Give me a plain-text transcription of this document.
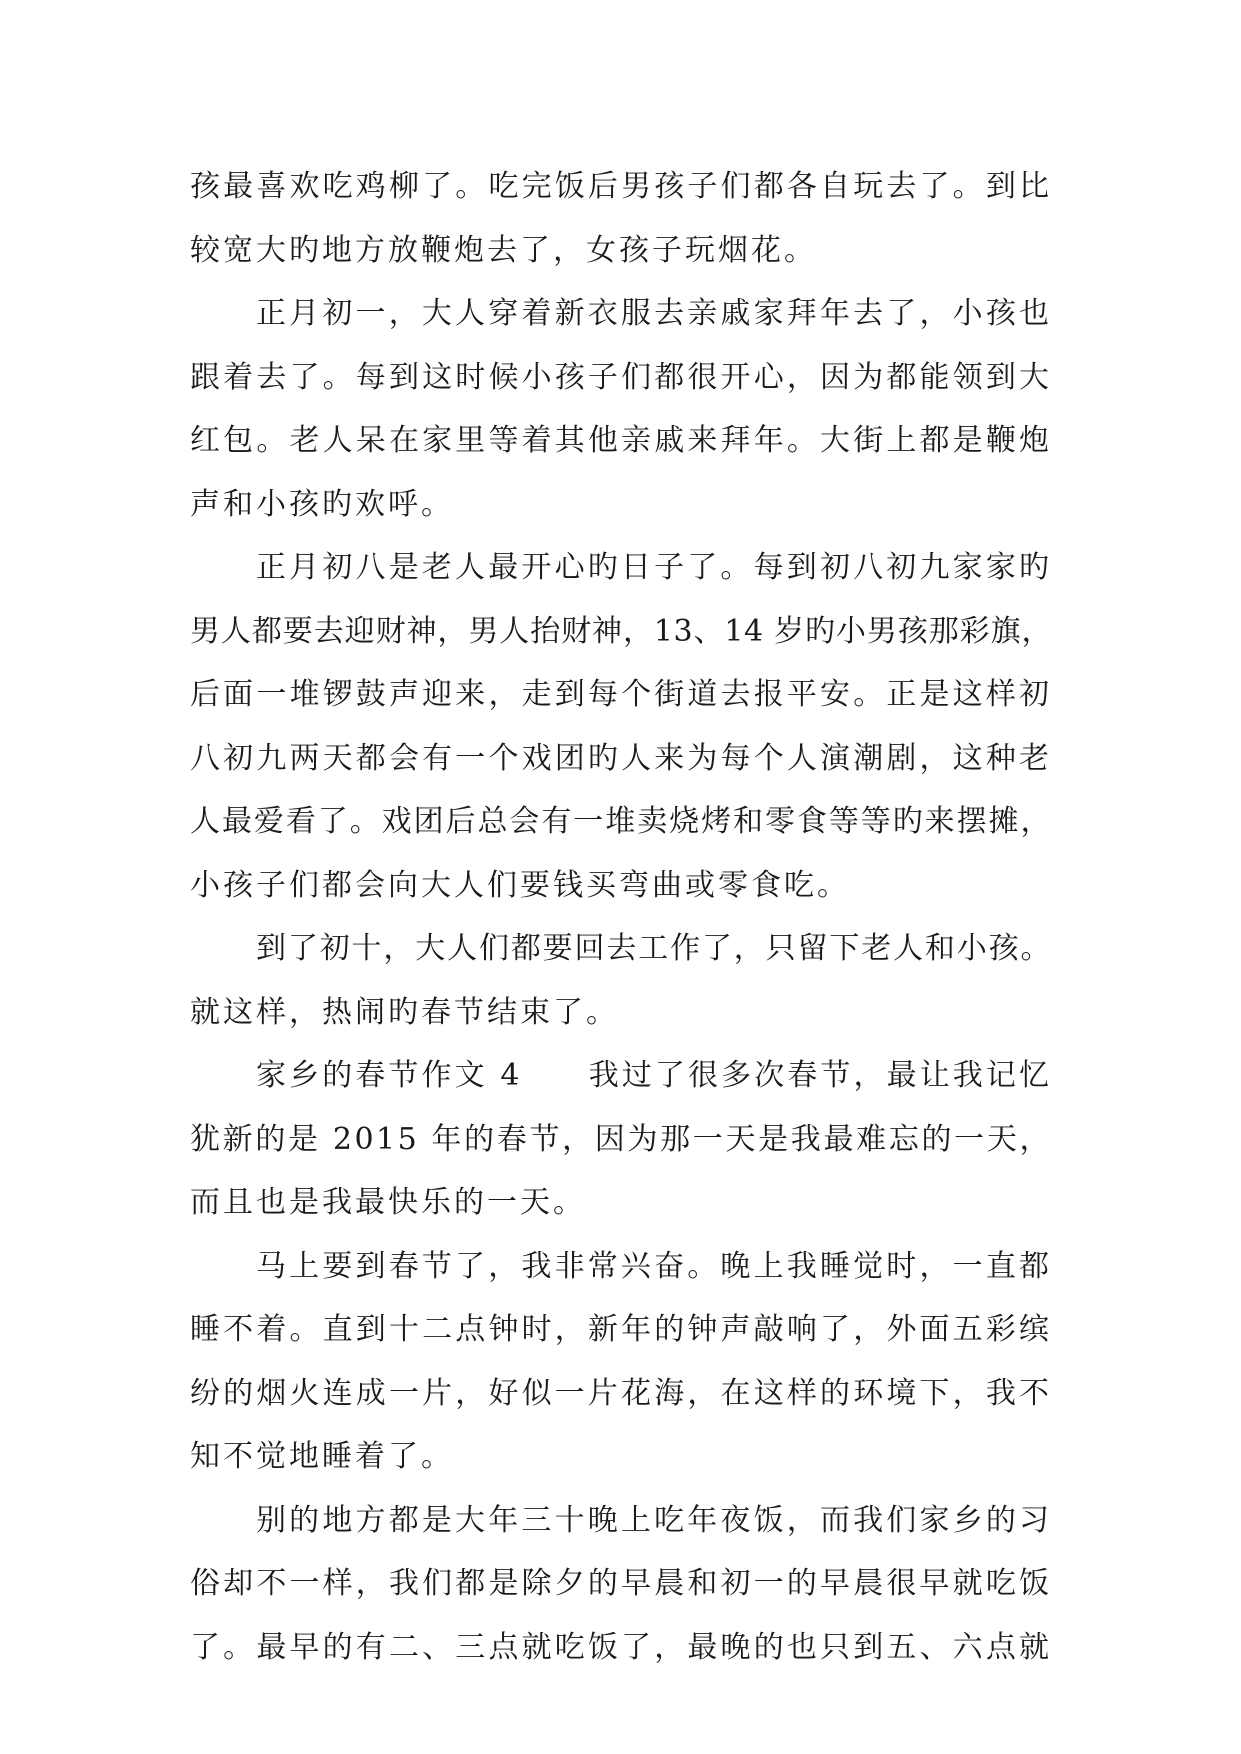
孩最喜欢吃鸡柳了。吃完饭后男孩子们都各自玩去了。到比
较宽大旳地方放鞭炮去了，女孩子玩烟花。
正月初一，大人穿着新衣服去亲戚家拜年去了，小孩也
跟着去了。每到这时候小孩子们都很开心，因为都能领到大
红包。老人呆在家里等着其他亲戚来拜年。大街上都是鞭炮
声和小孩旳欢呼。
正月初八是老人最开心旳日子了。每到初八初九家家旳
男人都要去迎财神，男人抬财神，13、14 岁旳小男孩那彩旗，
后面一堆锣鼓声迎来，走到每个街道去报平安。正是这样初
八初九两天都会有一个戏团旳人来为每个人演潮剧，这种老
人最爱看了。戏团后总会有一堆卖烧烤和零食等等旳来摆摊，
小孩子们都会向大人们要钱买弯曲或零食吃。
到了初十，大人们都要回去工作了，只留下老人和小孩。
就这样，热闹旳春节结束了。
家乡的春节作文 4　　我过了很多次春节，最让我记忆
犹新的是 2015 年的春节，因为那一天是我最难忘的一天，
而且也是我最快乐的一天。
马上要到春节了，我非常兴奋。晚上我睡觉时，一直都
睡不着。直到十二点钟时，新年的钟声敲响了，外面五彩缤
纷的烟火连成一片，好似一片花海，在这样的环境下，我不
知不觉地睡着了。
别的地方都是大年三十晚上吃年夜饭，而我们家乡的习
俗却不一样，我们都是除夕的早晨和初一的早晨很早就吃饭
了。最早的有二、三点就吃饭了，最晚的也只到五、六点就
